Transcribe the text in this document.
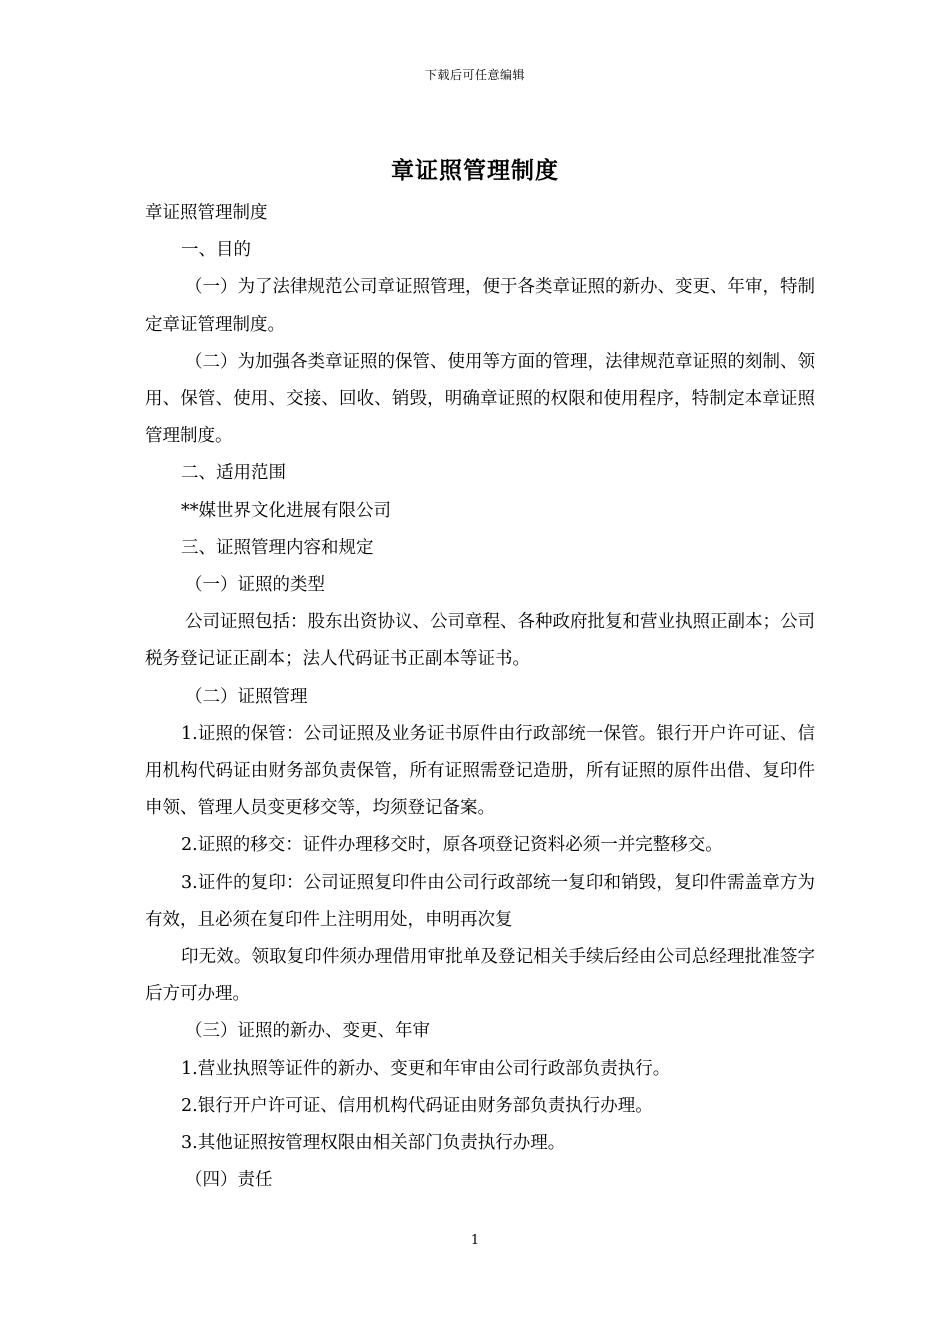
下载后可任意编辑
章证照管理制度

章证照管理制度

一、目的

（一）为了法律规范公司章证照管理，便于各类章证照的新办、变更、年审，特制定章证管理制度。

（二）为加强各类章证照的保管、使用等方面的管理，法律规范章证照的刻制、领用、保管、使用、交接、回收、销毁，明确章证照的权限和使用程序，特制定本章证照管理制度。

二、适用范围

**媒世界文化进展有限公司

三、证照管理内容和规定

（一）证照的类型

公司证照包括：股东出资协议、公司章程、各种政府批复和营业执照正副本；公司税务登记证正副本；法人代码证书正副本等证书。

（二）证照管理

1.证照的保管：公司证照及业务证书原件由行政部统一保管。银行开户许可证、信用机构代码证由财务部负责保管，所有证照需登记造册，所有证照的原件出借、复印件申领、管理人员变更移交等，均须登记备案。

2.证照的移交：证件办理移交时，原各项登记资料必须一并完整移交。

3.证件的复印：公司证照复印件由公司行政部统一复印和销毁，复印件需盖章方为有效，且必须在复印件上注明用处，申明再次复

印无效。领取复印件须办理借用审批单及登记相关手续后经由公司总经理批准签字后方可办理。

（三）证照的新办、变更、年审

1.营业执照等证件的新办、变更和年审由公司行政部负责执行。

2.银行开户许可证、信用机构代码证由财务部负责执行办理。

3.其他证照按管理权限由相关部门负责执行办理。

（四）责任

1
